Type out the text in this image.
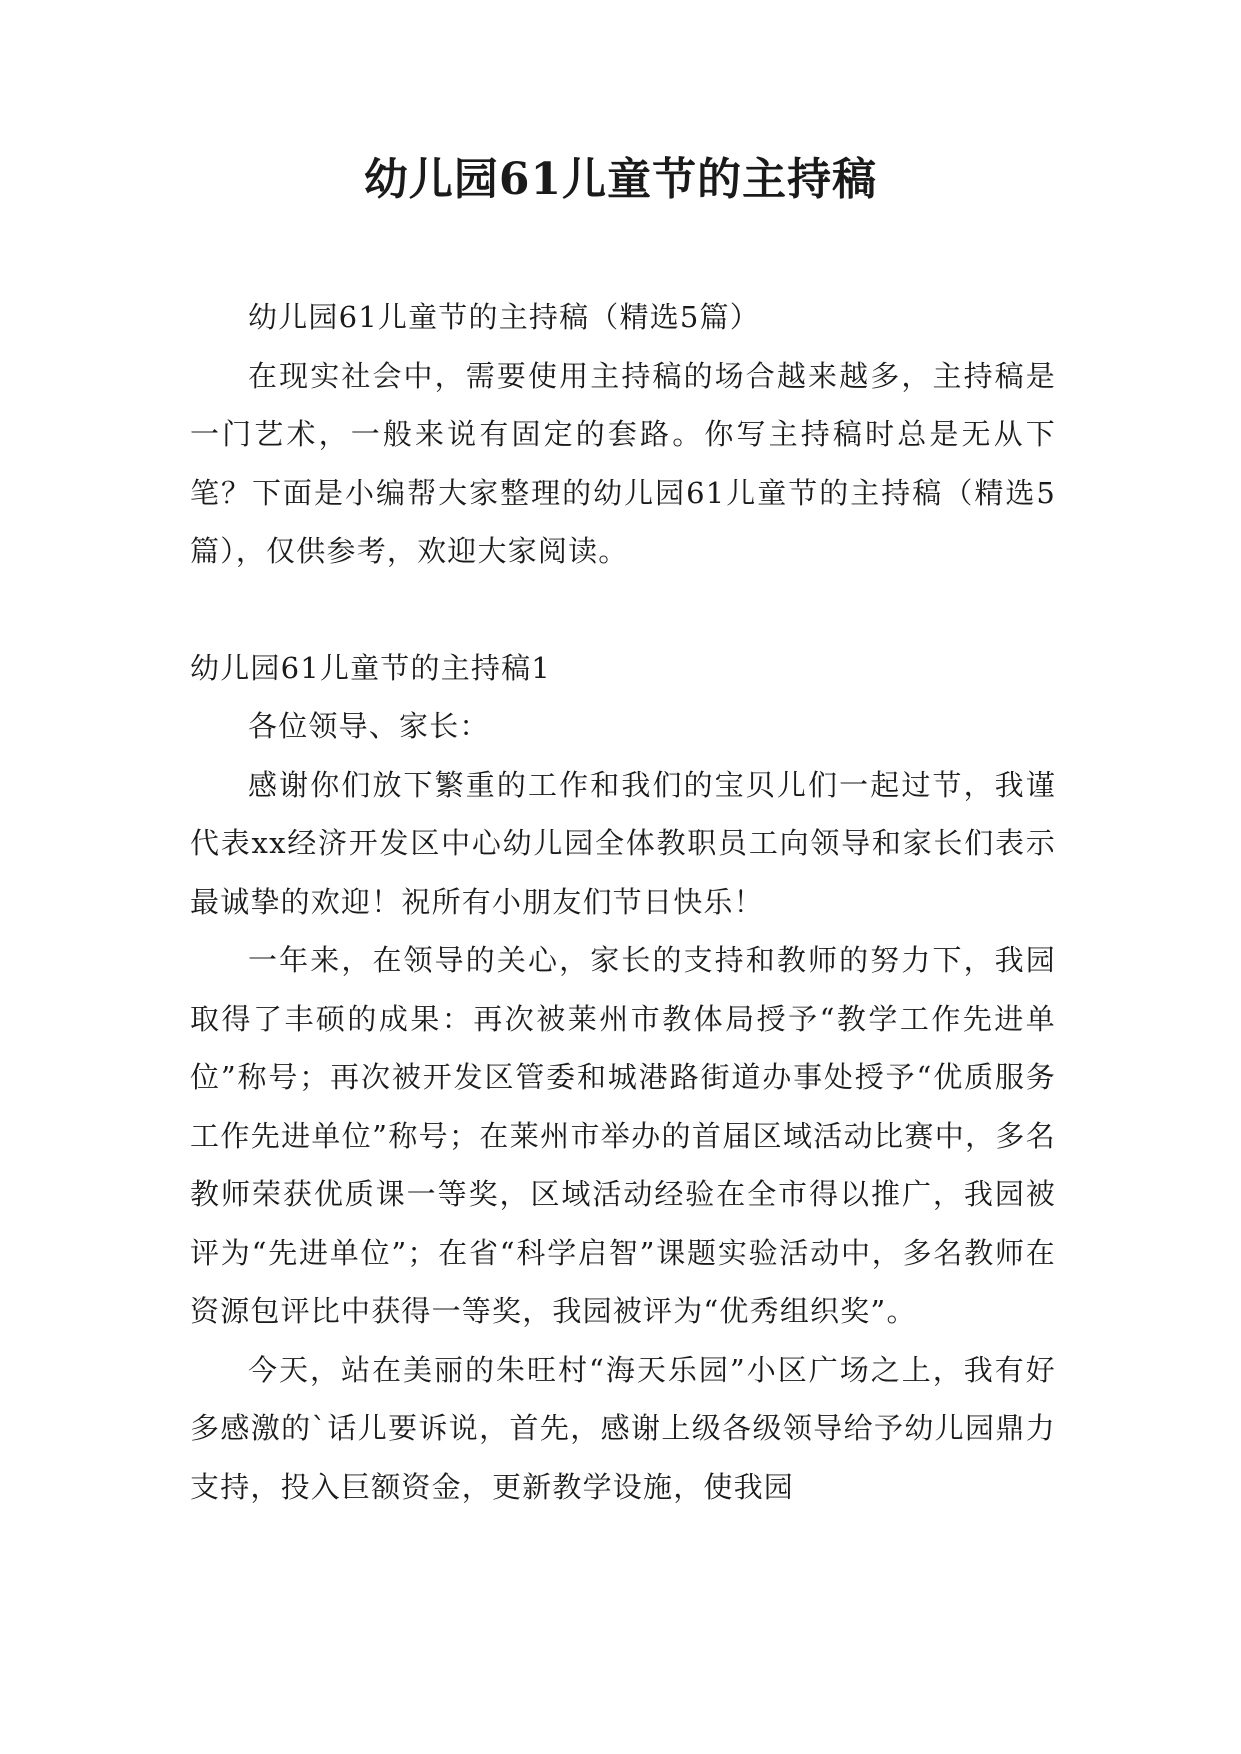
幼儿园61儿童节的主持稿

幼儿园61儿童节的主持稿（精选5篇）

在现实社会中，需要使用主持稿的场合越来越多，主持稿是一门艺术，一般来说有固定的套路。你写主持稿时总是无从下笔？下面是小编帮大家整理的幼儿园61儿童节的主持稿（精选5篇），仅供参考，欢迎大家阅读。

幼儿园61儿童节的主持稿1

各位领导、家长：

感谢你们放下繁重的工作和我们的宝贝儿们一起过节，我谨代表xx经济开发区中心幼儿园全体教职员工向领导和家长们表示最诚挚的欢迎！祝所有小朋友们节日快乐！

一年来，在领导的关心，家长的支持和教师的努力下，我园取得了丰硕的成果：再次被莱州市教体局授予“教学工作先进单位”称号；再次被开发区管委和城港路街道办事处授予“优质服务工作先进单位”称号；在莱州市举办的首届区域活动比赛中，多名教师荣获优质课一等奖，区域活动经验在全市得以推广，我园被评为“先进单位”；在省“科学启智”课题实验活动中，多名教师在资源包评比中获得一等奖，我园被评为“优秀组织奖”。

今天，站在美丽的朱旺村“海天乐园”小区广场之上，我有好多感激的`话儿要诉说，首先，感谢上级各级领导给予幼儿园鼎力支持，投入巨额资金，更新教学设施，使我园
